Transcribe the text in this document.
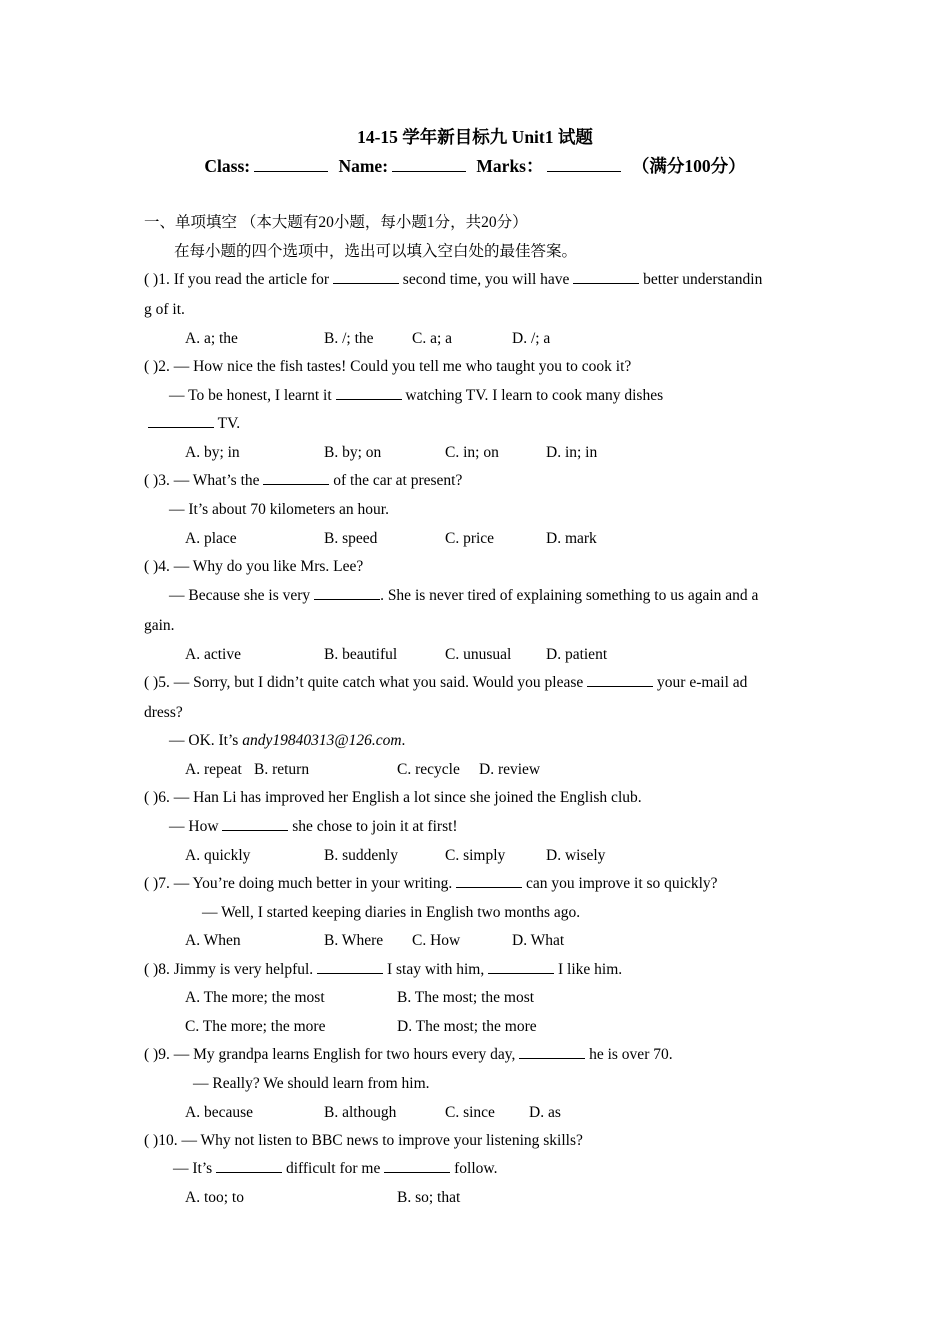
14-15 学年新目标九 Unit1 试题
Class:	Name:	Marks：	（满分100分）
一、单项填空 （本大题有20小题，每小题1分，共20分）
在每小题的四个选项中，选出可以填入空白处的最佳答案。
( )1. If you read the article for	second time, you will have	better understandin
g of it.
A. a; the	B. /; the C. a; a	D. /; a
( )2. — How nice the fish tastes! Could you tell me who taught you to cook it?
— To be honest, I learnt it	watching TV. I learn to cook many dishes
TV.
A. by; in	B. by; on	C. in; on	D. in; in
( )3. — What’s the	of the car at present?
— It’s about 70 kilometers an hour.
A. place	B. speed	C. price	D. mark
( )4. — Why do you like Mrs. Lee?
— Because she is very	. She is never tired of explaining something to us again and a
gain.
A. active	B. beautiful	C. unusual D. patient
( )5. — Sorry, but I didn’t quite catch what you said. Would you please	your e-mail ad
dress?
— OK. It’s andy19840313@126.com.
A. repeat B. return	C. recycle D. review
( )6. — Han Li has improved her English a lot since she joined the English club.
— How	she chose to join it at first!
A. quickly	B. suddenly	C. simply	D. wisely
( )7. — You’re doing much better in your writing.	can you improve it so quickly?
— Well, I started keeping diaries in English two months ago.
A. When	B. Where C. How	D. What
( )8. Jimmy is very helpful.	I stay with him,	I like him.
A. The more; the most	B. The most; the most
C. The more; the more	D. The most; the more
( )9. — My grandpa learns English for two hours every day,	he is over 70.
— Really? We should learn from him.
A. because	B. although	C. since D. as
( )10. — Why not listen to BBC news to improve your listening skills?
— It’s	difficult for me	follow.
A. too; to	B. so; that
